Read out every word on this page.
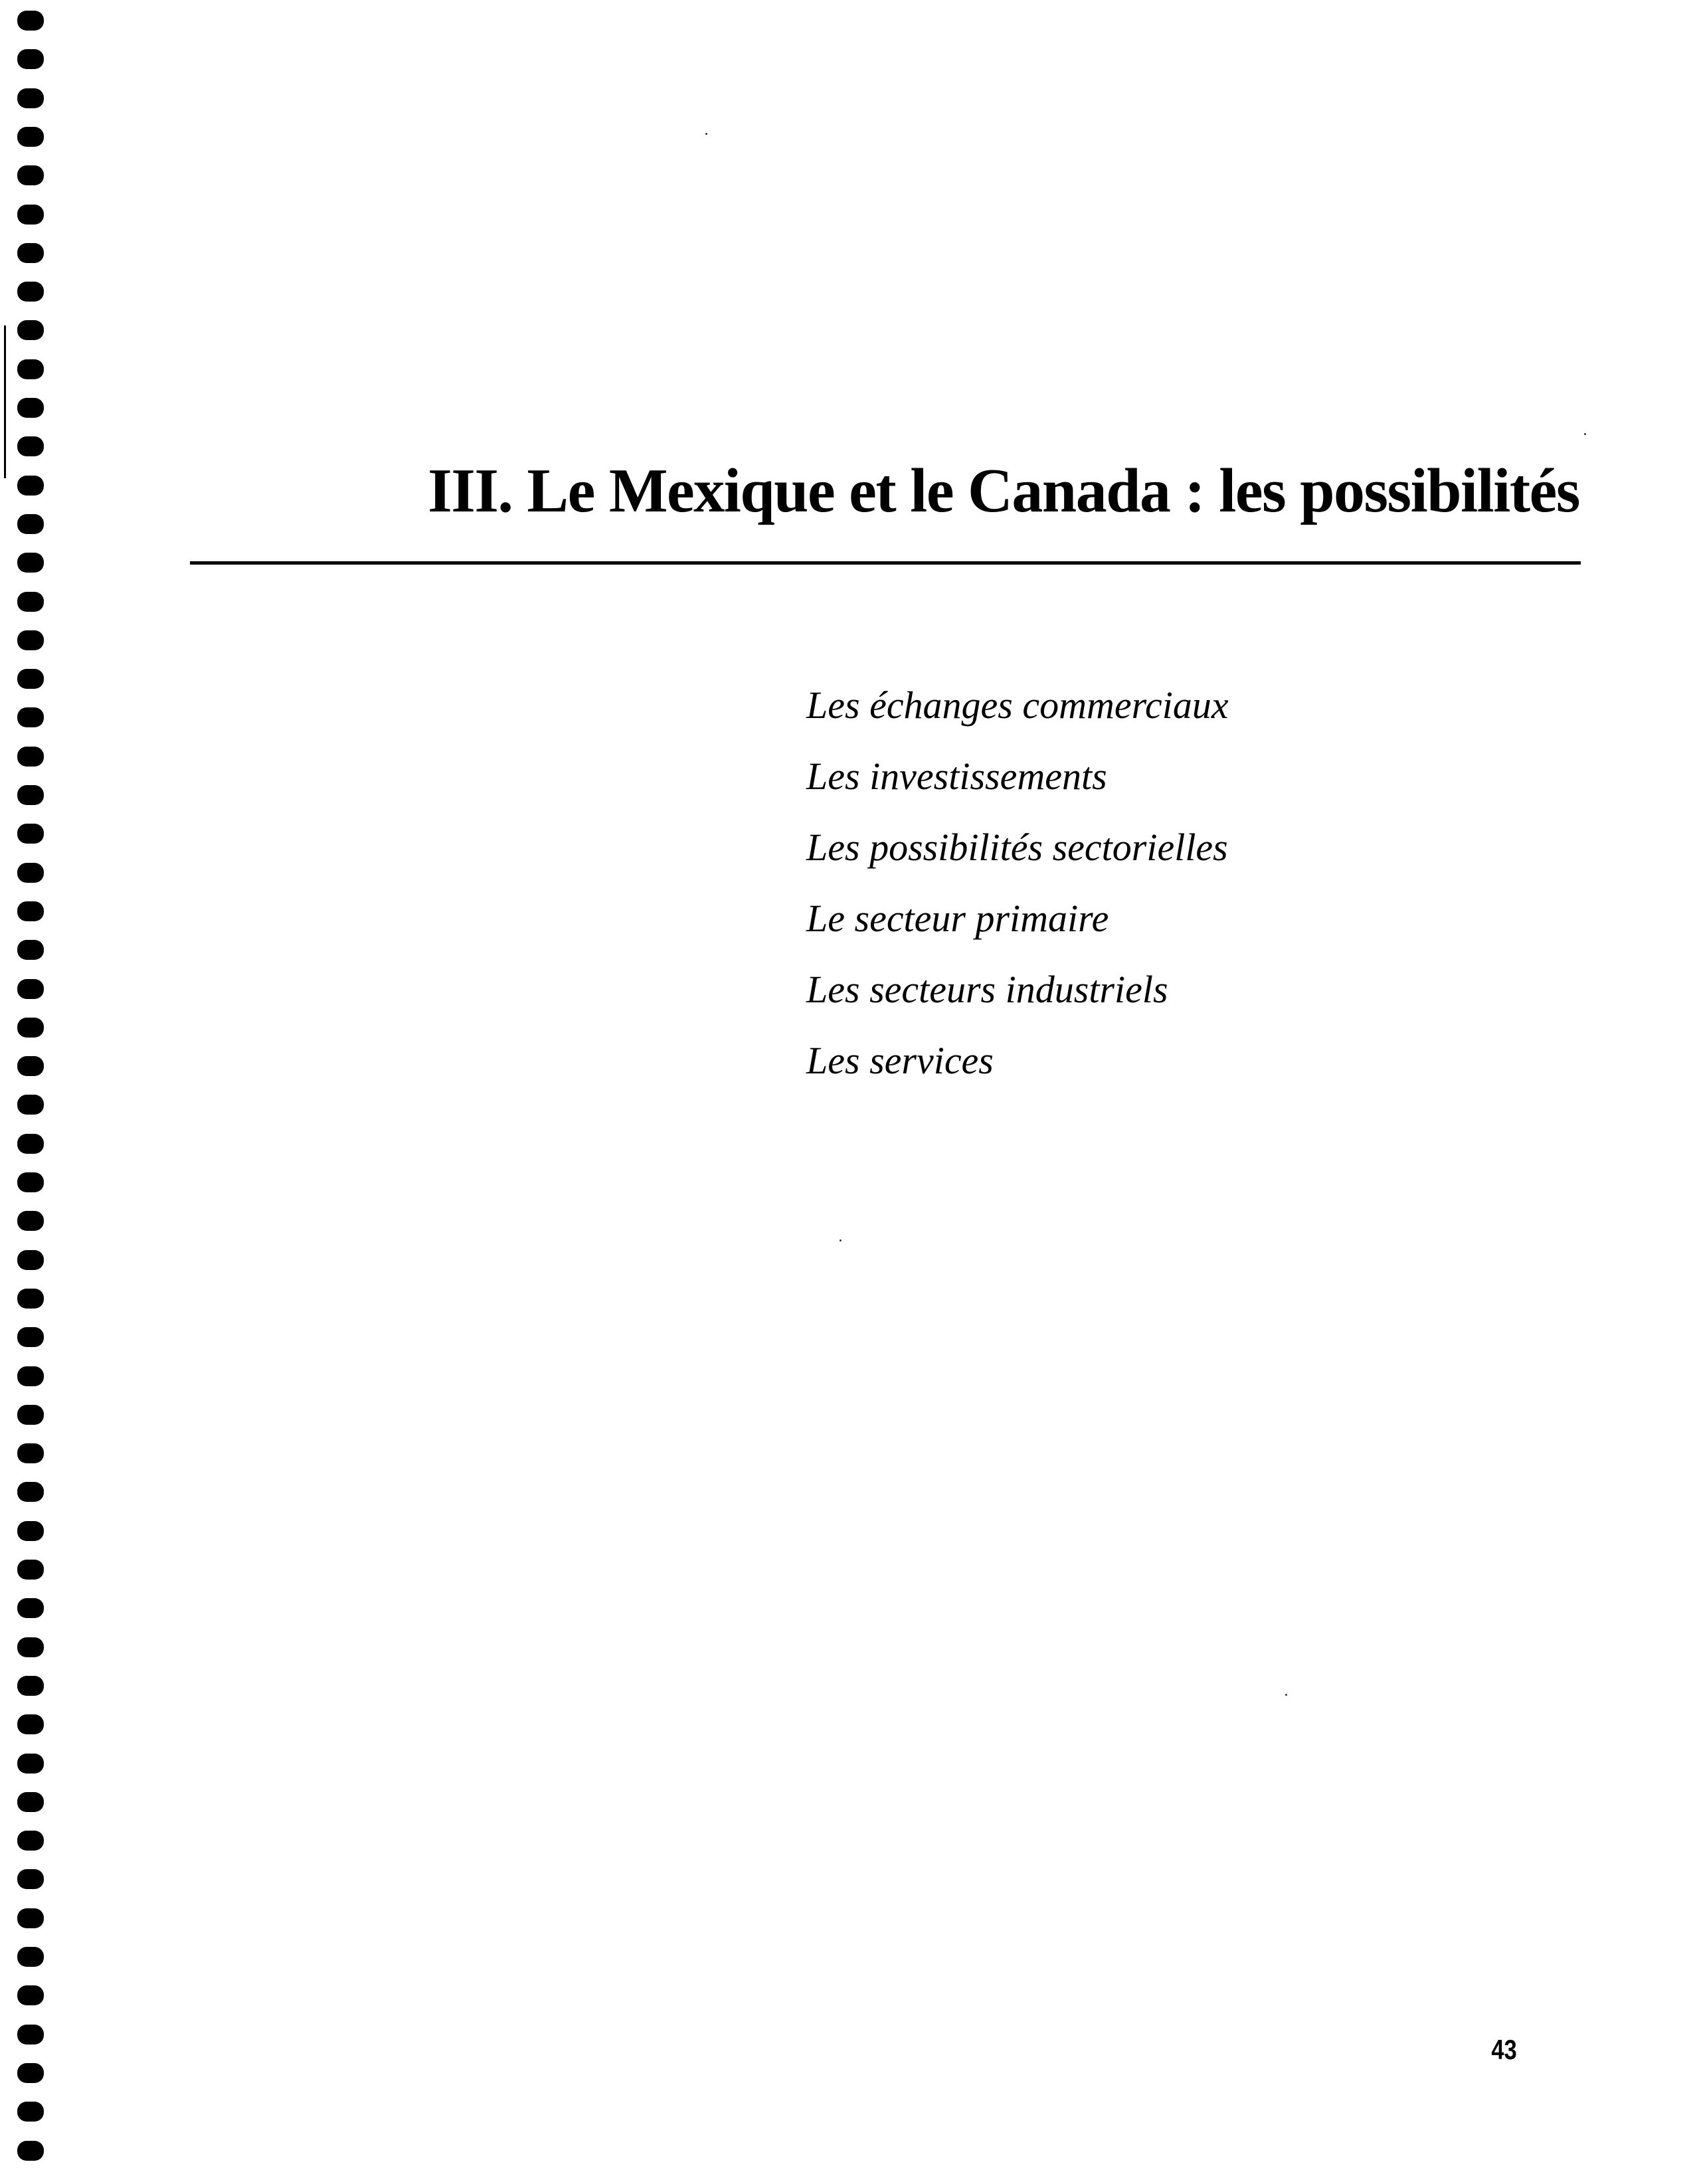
III. Le Mexique et le Canada : les possibilités
Les échanges commerciaux
Les investissements
Les possibilités sectorielles
Le secteur primaire
Les secteurs industriels
Les services
43
